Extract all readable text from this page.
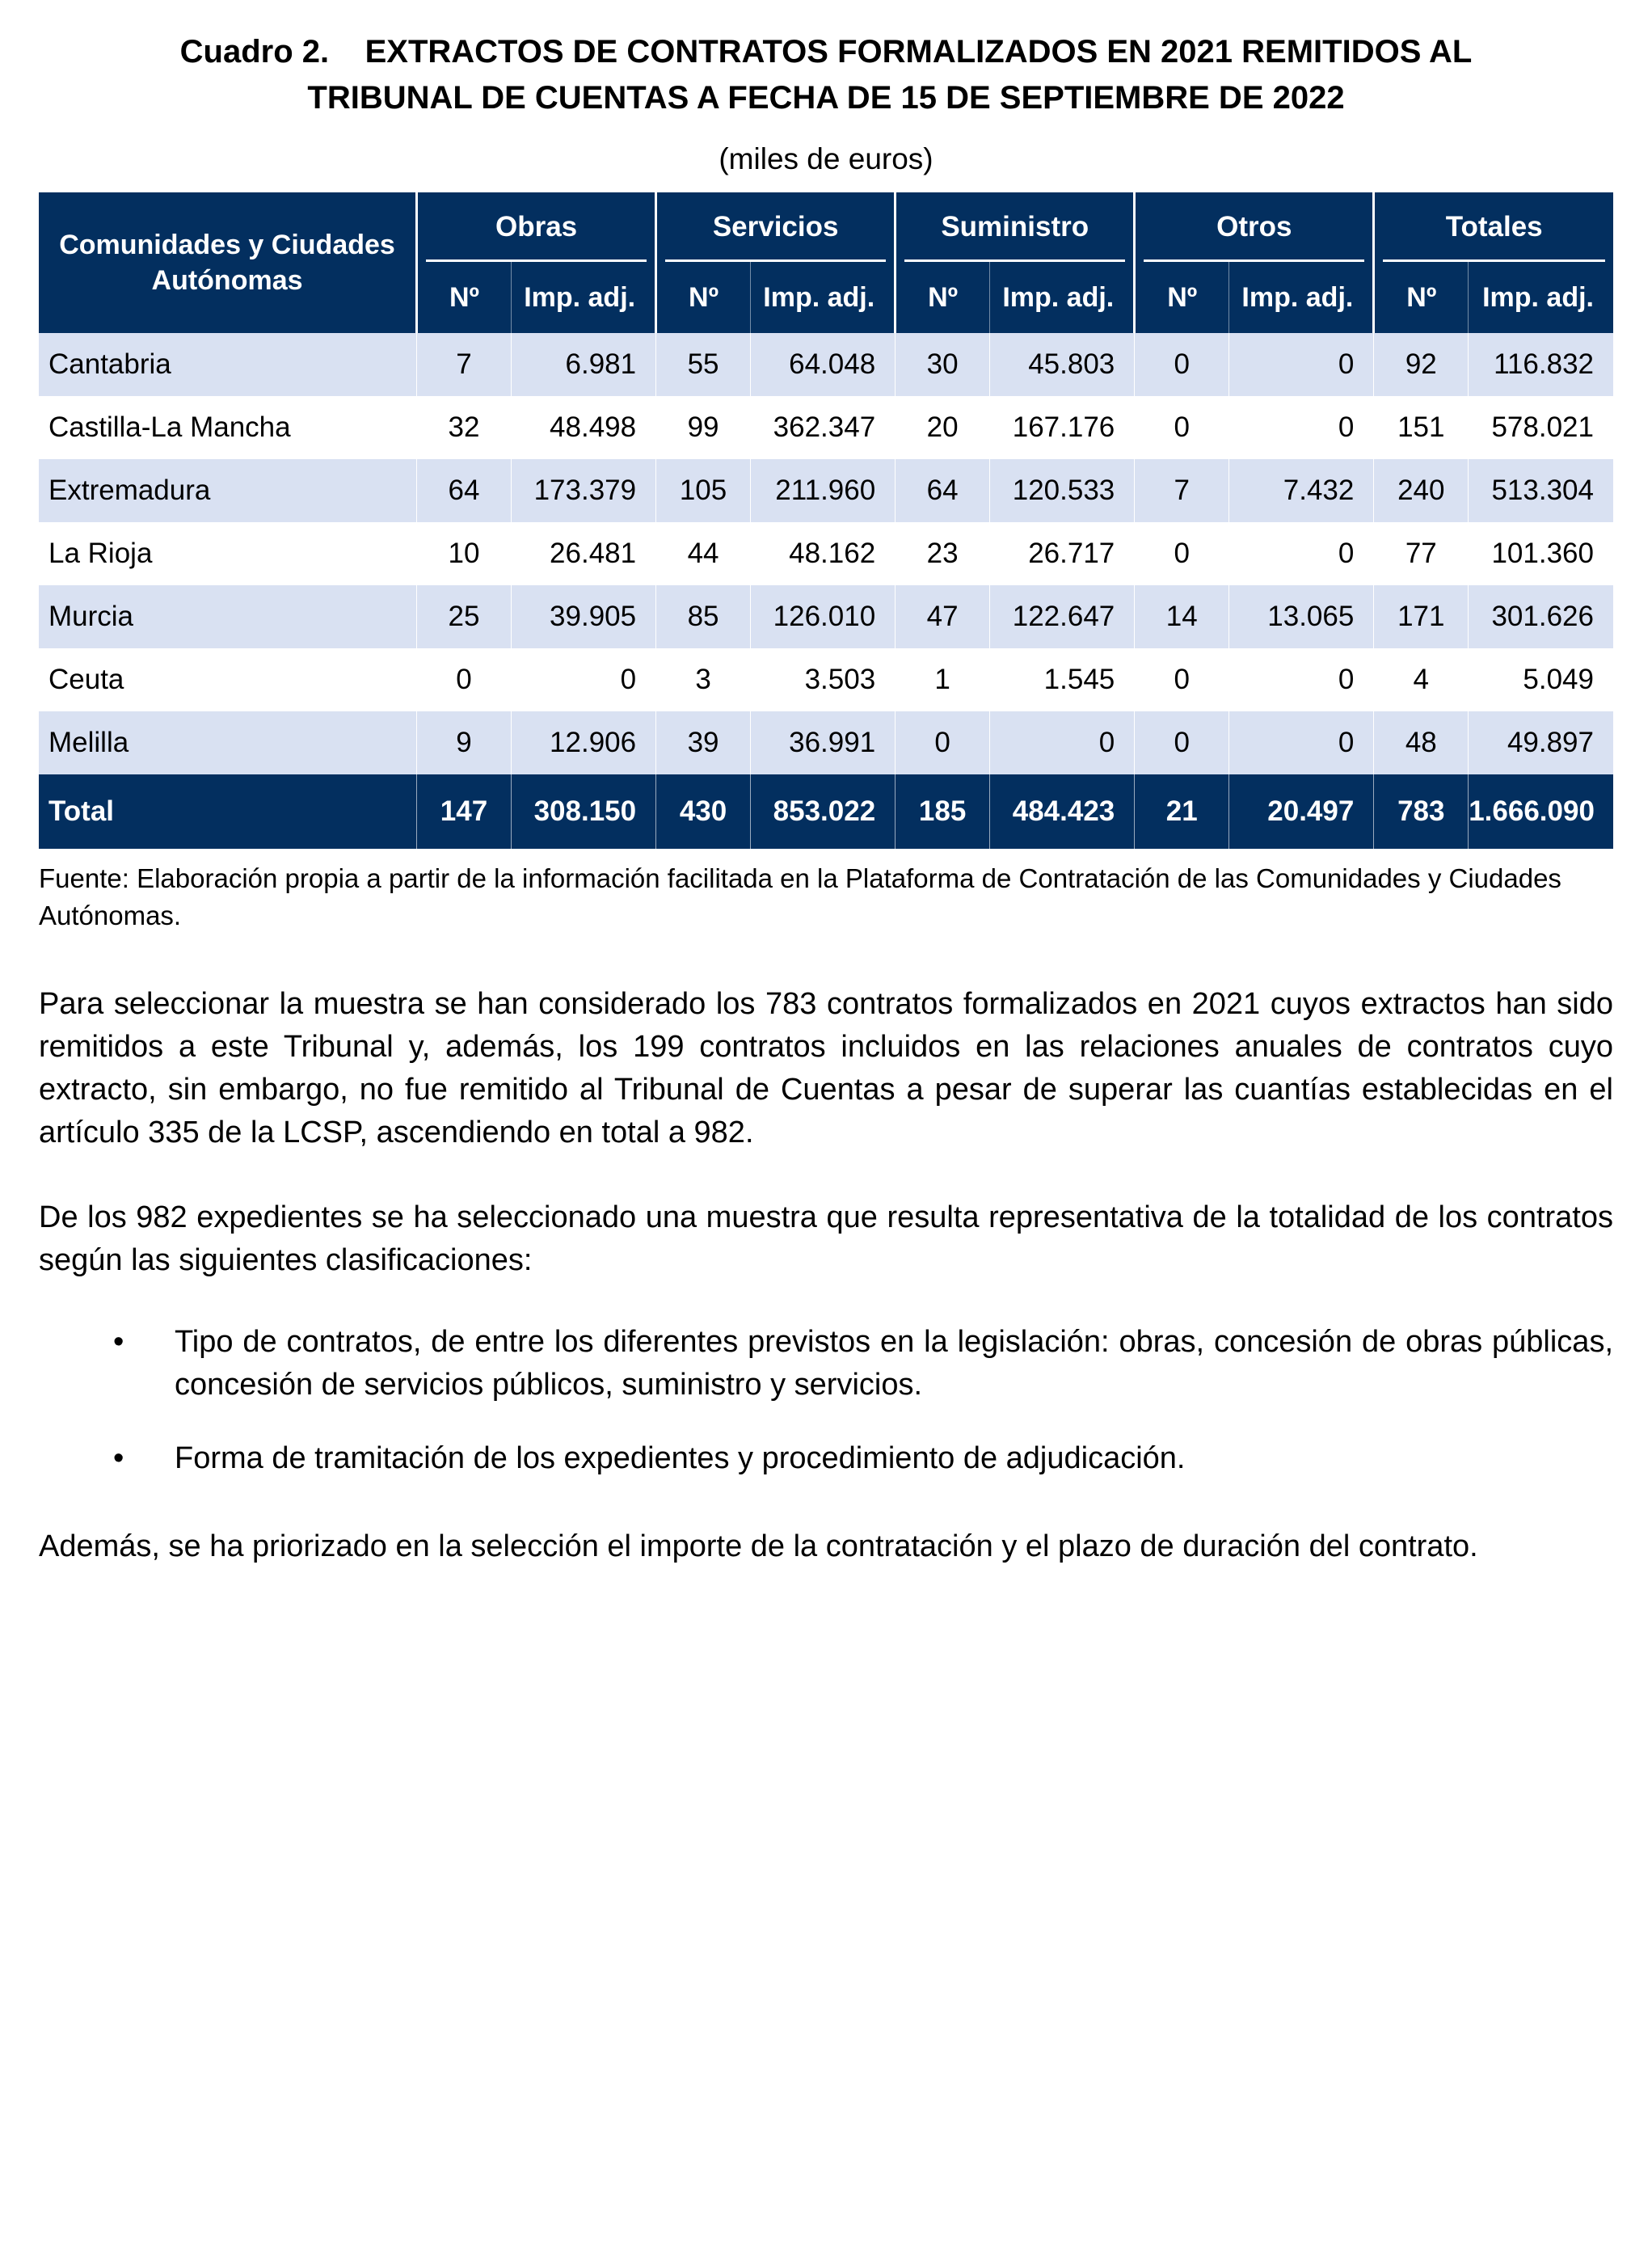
Cuadro 2.    EXTRACTOS DE CONTRATOS FORMALIZADOS EN 2021 REMITIDOS AL
TRIBUNAL DE CUENTAS A FECHA DE 15 DE SEPTIEMBRE DE 2022
(miles de euros)
Comunidades y Ciudades Autónomas	Obras		Servicios		Suministro		Otros		Totales	
	Nº	Imp. adj.	Nº	Imp. adj.	Nº	Imp. adj.	Nº	Imp. adj.	Nº	Imp. adj.
Cantabria	7	6.981	55	64.048	30	45.803	0	0	92	116.832
Castilla-La Mancha	32	48.498	99	362.347	20	167.176	0	0	151	578.021
Extremadura	64	173.379	105	211.960	64	120.533	7	7.432	240	513.304
La Rioja	10	26.481	44	48.162	23	26.717	0	0	77	101.360
Murcia	25	39.905	85	126.010	47	122.647	14	13.065	171	301.626
Ceuta	0	0	3	3.503	1	1.545	0	0	4	5.049
Melilla	9	12.906	39	36.991	0	0	0	0	48	49.897
Total	147	308.150	430	853.022	185	484.423	21	20.497	783	1.666.090
Fuente: Elaboración propia a partir de la información facilitada en la Plataforma de Contratación de las Comunidades y Ciudades Autónomas.

Para seleccionar la muestra se han considerado los 783 contratos formalizados en 2021 cuyos extractos han sido remitidos a este Tribunal y, además, los 199 contratos incluidos en las relaciones anuales de contratos cuyo extracto, sin embargo, no fue remitido al Tribunal de Cuentas a pesar de superar las cuantías establecidas en el artículo 335 de la LCSP, ascendiendo en total a 982.

De los 982 expedientes se ha seleccionado una muestra que resulta representativa de la totalidad de los contratos según las siguientes clasificaciones:

• Tipo de contratos, de entre los diferentes previstos en la legislación: obras, concesión de obras públicas, concesión de servicios públicos, suministro y servicios.
• Forma de tramitación de los expedientes y procedimiento de adjudicación.

Además, se ha priorizado en la selección el importe de la contratación y el plazo de duración del contrato.
